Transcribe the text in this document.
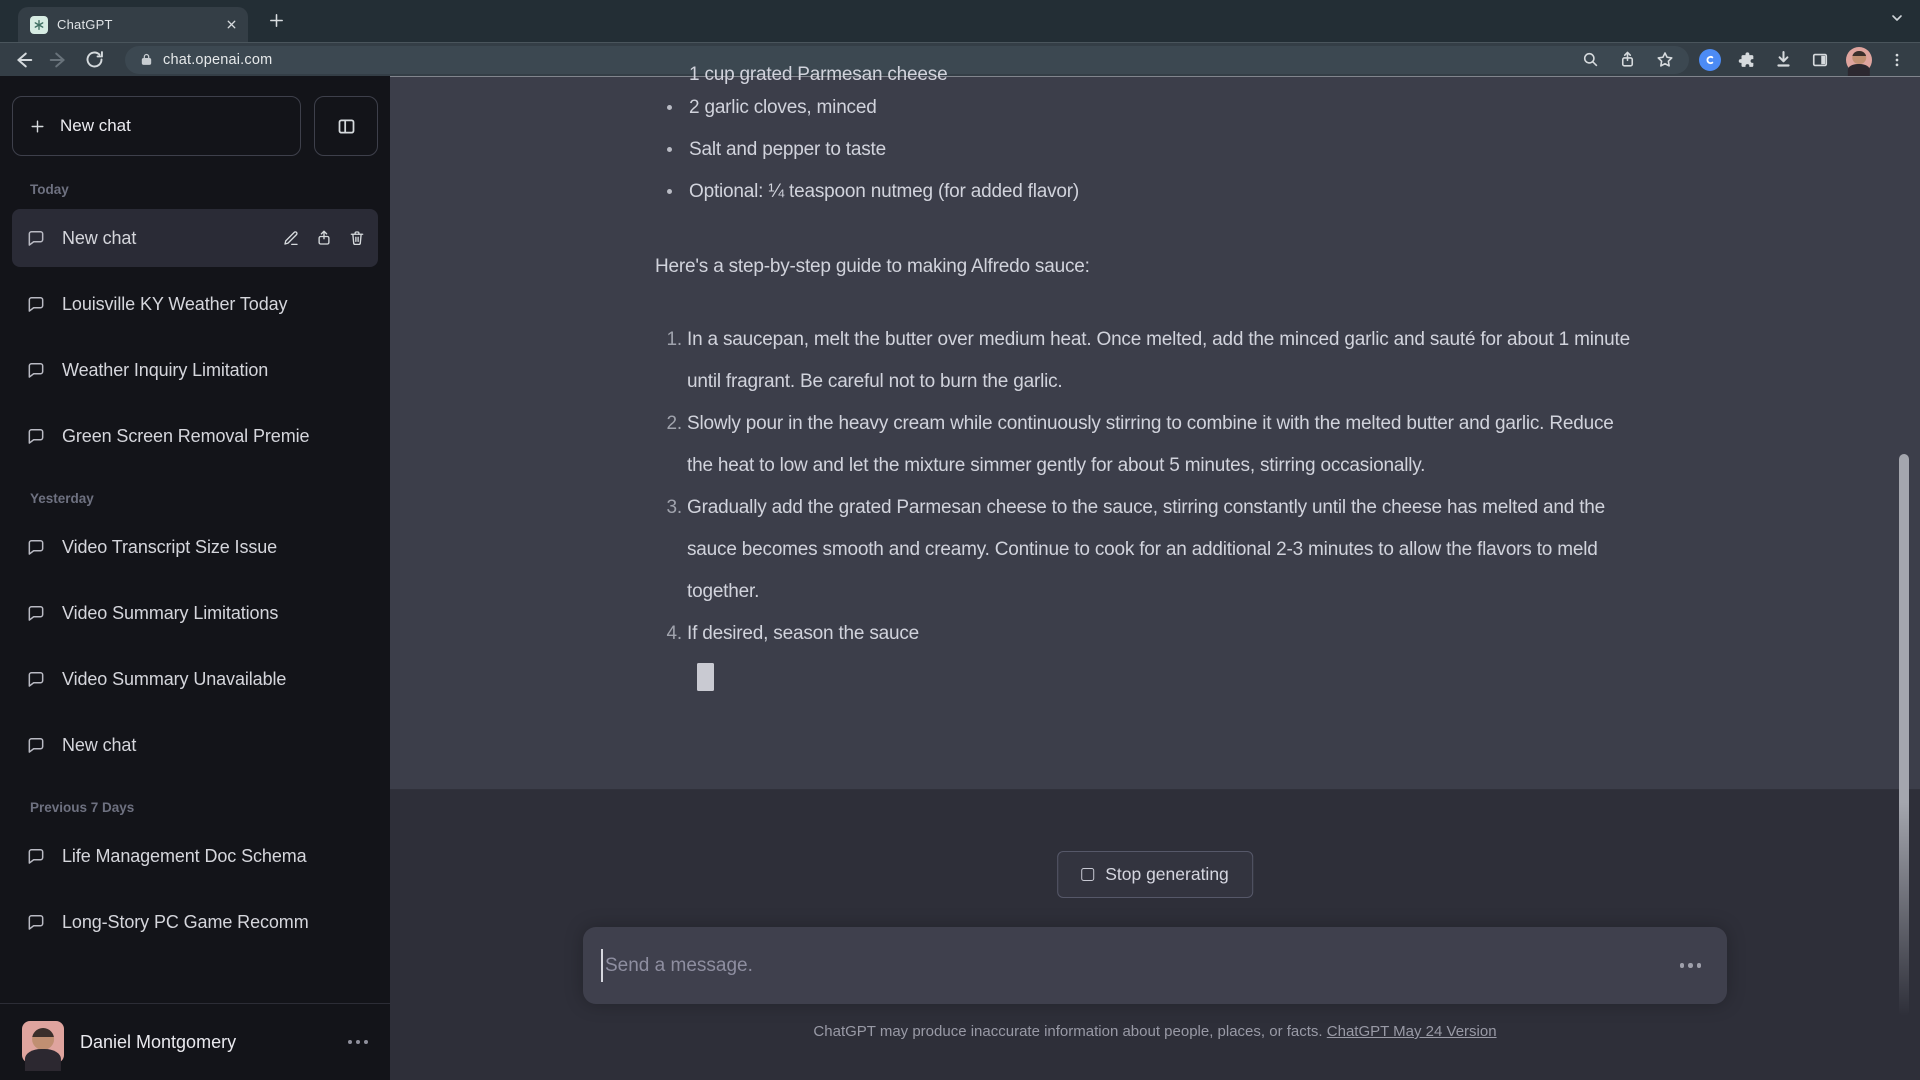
ChatGPT
chat.openai.com
New chat
Today
New chat
Louisville KY Weather Today
Weather Inquiry Limitation
Green Screen Removal Premie
Yesterday
Video Transcript Size Issue
Video Summary Limitations
Video Summary Unavailable
New chat
Previous 7 Days
Life Management Doc Schema
Long-Story PC Game Recomm
Daniel Montgomery
1 cup grated Parmesan cheese
2 garlic cloves, minced
Salt and pepper to taste
Optional: ¼ teaspoon nutmeg (for added flavor)

Here's a step-by-step guide to making Alfredo sauce:

1. In a saucepan, melt the butter over medium heat. Once melted, add the minced garlic and sauté for about 1 minute until fragrant. Be careful not to burn the garlic.
2. Slowly pour in the heavy cream while continuously stirring to combine it with the melted butter and garlic. Reduce the heat to low and let the mixture simmer gently for about 5 minutes, stirring occasionally.
3. Gradually add the grated Parmesan cheese to the sauce, stirring constantly until the cheese has melted and the sauce becomes smooth and creamy. Continue to cook for an additional 2-3 minutes to allow the flavors to meld together.
4. If desired, season the sauce
Stop generating
Send a message.
ChatGPT may produce inaccurate information about people, places, or facts. ChatGPT May 24 Version
